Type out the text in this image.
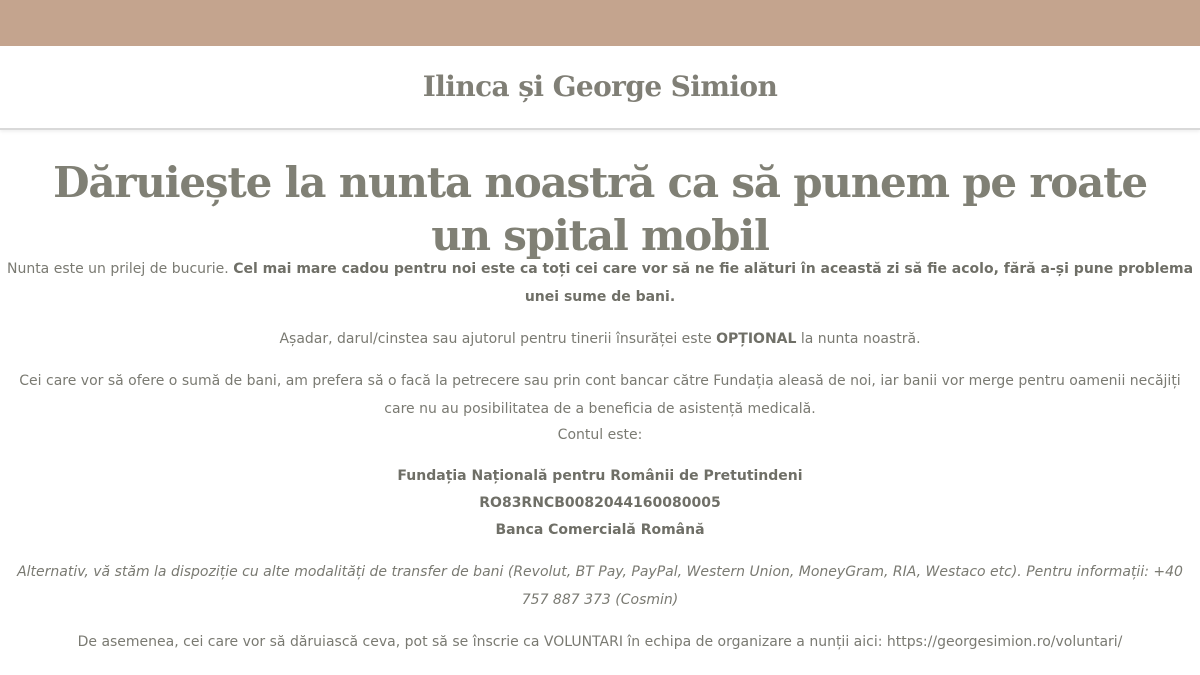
Ilinca și George Simion
Dăruiește la nunta noastră ca să punem pe roate un spital mobil

Nunta este un prilej de bucurie. Cel mai mare cadou pentru noi este ca toți cei care vor să ne fie alături în această zi să fie acolo, fără a-și pune problema unei sume de bani.

Așadar, darul/cinstea sau ajutorul pentru tinerii însurăței este OPȚIONAL la nunta noastră.

Cei care vor să ofere o sumă de bani, am prefera să o facă la petrecere sau prin cont bancar către Fundația aleasă de noi, iar banii vor merge pentru oamenii necăjiți care nu au posibilitatea de a beneficia de asistență medicală.

Contul este:

Fundația Națională pentru Românii de Pretutindeni
RO83RNCB0082044160080005
Banca Comercială Română

Alternativ, vă stăm la dispoziție cu alte modalități de transfer de bani (Revolut, BT Pay, PayPal, Western Union, MoneyGram, RIA, Westaco etc). Pentru informații: +40 757 887 373 (Cosmin)

De asemenea, cei care vor să dăruiască ceva, pot să se înscrie ca VOLUNTARI în echipa de organizare a nunții aici: https://georgesimion.ro/voluntari/
